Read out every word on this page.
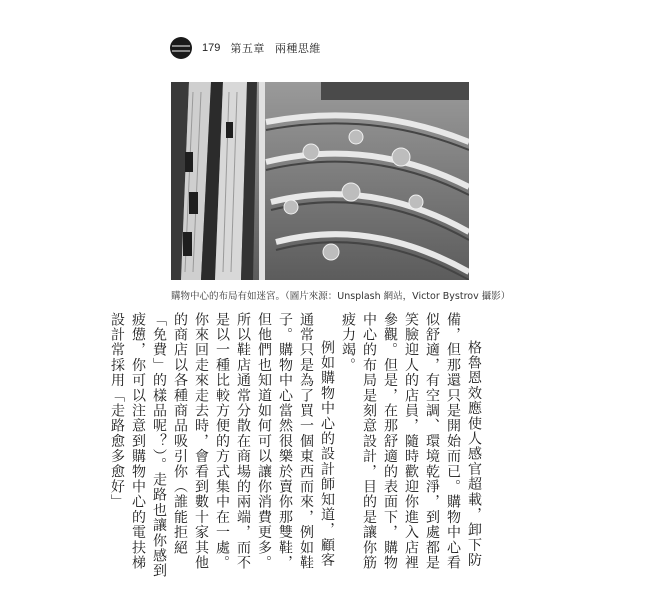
179 第五章 兩種思維
購物中心的布局有如迷宮。（圖片來源：Unsplash 網站，Victor Bystrov 攝影）

格魯恩效應使人感官超載，卸下防備，但那還只是開始而已。購物中心看似舒適，有空調、環境乾淨，到處都是笑臉迎人的店員，隨時歡迎你進入店裡參觀。但是，在那舒適的表面下，購物中心的布局是刻意設計，目的是讓你筋疲力竭。

例如購物中心的設計師知道，顧客通常只是為了買一個東西而來，例如鞋子。購物中心當然很樂於賣你那雙鞋，但他們也知道如何可以讓你消費更多。所以鞋店通常分散在商場的兩端，而不是以一種比較方便的方式集中在一處。你來回走來走去時，會看到數十家其他的商店以各種商品吸引你（誰能拒絕「免費」的樣品呢？）。走路也讓你感到疲憊，你可以注意到購物中心的電扶梯設計常採用「走路愈多愈好」
